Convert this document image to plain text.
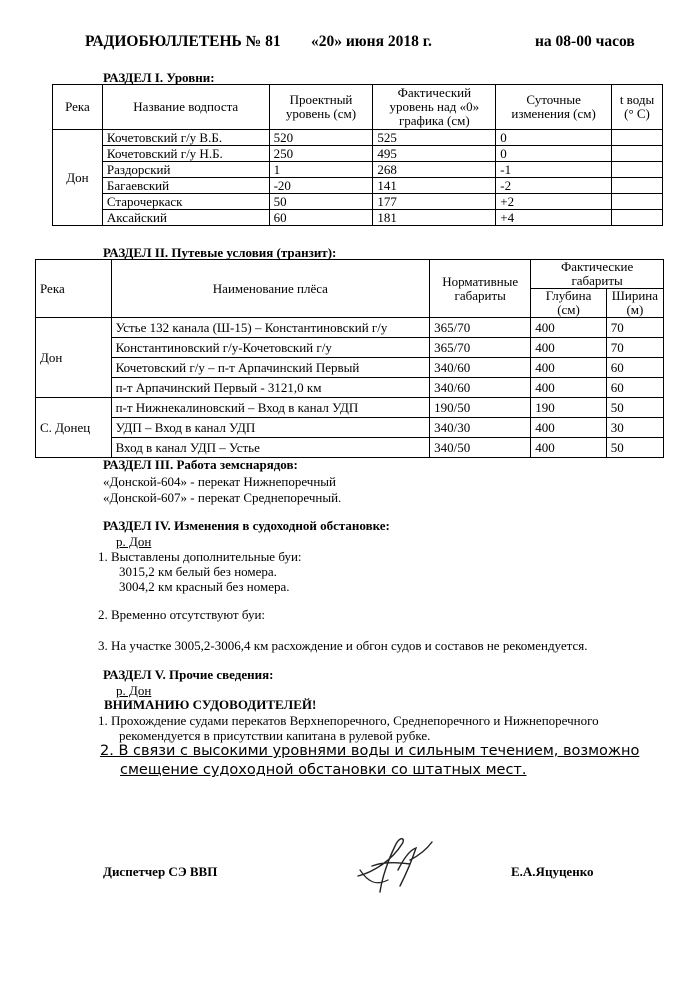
РАДИОБЮЛЛЕТЕНЬ № 81 «20» июня 2018 г.	на 08-00 часов
РАЗДЕЛ I. Уровни:
Река	Название водпоста	Проектный уровень (см)	Фактический уровень над «0» графика (см)	Суточные изменения (см)	t воды (° С)
Дон	Кочетовский г/у В.Б.	520	525	0	
	Кочетовский г/у Н.Б.	250	495	0	
	Раздорский	1	268	-1	
	Багаевский	-20	141	-2	
	Старочеркаск	50	177	+2	
	Аксайский	60	181	+4	
РАЗДЕЛ II. Путевые условия (транзит):
Река	Наименование плёса	Нормативные габариты	Фактические габариты	
			Глубина (см)	Ширина (м)
Дон	Устье 132 канала (Ш-15) – Константиновский г/у	365/70	400	70
	Константиновский г/у-Кочетовский г/у	365/70	400	70
	Кочетовский г/у – п-т Арпачинский Первый	340/60	400	60
	п-т Арпачинский Первый - 3121,0 км	340/60	400	60
С. Донец	п-т Нижнекалиновский – Вход в канал УДП	190/50	190	50
	УДП – Вход в канал УДП	340/30	400	30
	Вход в канал УДП – Устье	340/50	400	50
РАЗДЕЛ III. Работа земснарядов:
«Донской-604» - перекат Нижнепоречный
«Донской-607» - перекат Среднепоречный.
РАЗДЕЛ IV. Изменения в судоходной обстановке:
р. Дон
1. Выставлены дополнительные буи:
3015,2 км белый без номера.
3004,2 км красный без номера.
2. Временно отсутствуют буи:
3. На участке 3005,2-3006,4 км расхождение и обгон судов и составов не рекомендуется.
РАЗДЕЛ V. Прочие сведения:
р. Дон
ВНИМАНИЮ СУДОВОДИТЕЛЕЙ!
1. Прохождение судами перекатов Верхнепоречного, Среднепоречного и Нижнепоречного
рекомендуется в присутствии капитана в рулевой рубке.
2. В связи с высокими уровнями воды и сильным течением, возможно
смещение судоходной обстановки со штатных мест.
Диспетчер СЭ ВВП	Е.А.Яцуценко
